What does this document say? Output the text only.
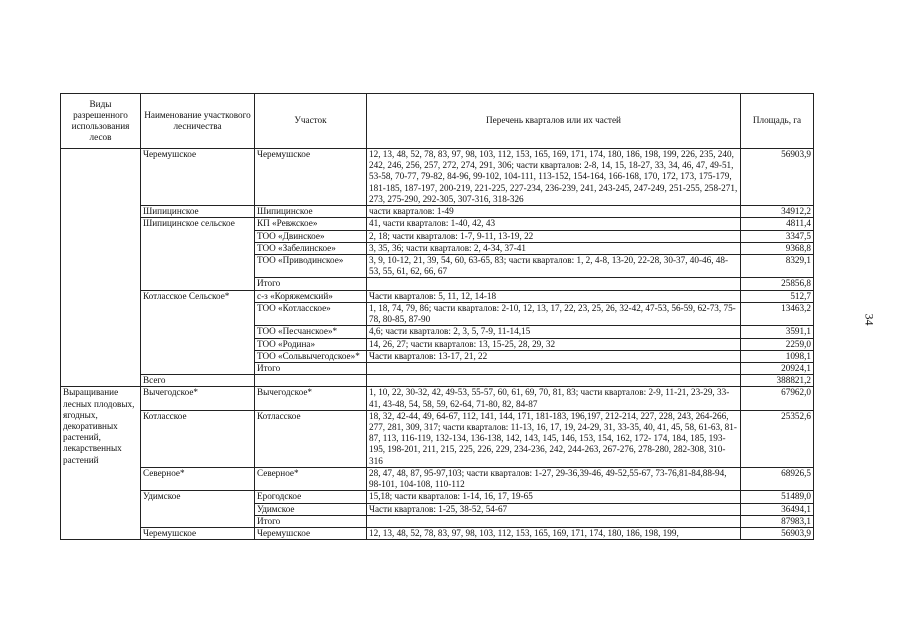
Виды разрешенного использования лесов	Наименование участкового лесничества	Участок	Перечень кварталов или их частей	Площадь, га
	Черемушское	Черемушское	12, 13, 48, 52, 78, 83, 97, 98, 103, 112, 153, 165, 169, 171, 174, 180, 186, 198, 199, 226, 235, 240, 242, 246, 256, 257, 272, 274, 291, 306; части кварталов: 2-8, 14, 15, 18-27, 33, 34, 46, 47, 49-51, 53-58, 70-77, 79-82, 84-96, 99-102, 104-111, 113-152, 154-164, 166-168, 170, 172, 173, 175-179, 181-185, 187-197, 200-219, 221-225, 227-234, 236-239, 241, 243-245, 247-249, 251-255, 258-271, 273, 275-290, 292-305, 307-316, 318-326	56903,9
	Шипицинское	Шипицинское	части кварталов: 1-49	34912,2
	Шипицинское сельское	КП «Ревжское»	41, части кварталов: 1-40, 42, 43	4811,4
		ТОО «Двинское»	2, 18; части кварталов: 1-7, 9-11, 13-19, 22	3347,5
		ТОО «Забелинское»	3, 35, 36; части кварталов: 2, 4-34, 37-41	9368,8
		ТОО «Приводинское»	3, 9, 10-12, 21, 39, 54, 60, 63-65, 83; части кварталов: 1, 2, 4-8, 13-20, 22-28, 30-37, 40-46, 48-53, 55, 61, 62, 66, 67	8329,1
		Итого		25856,8
	Котласское Сельское*	с-з «Коряжемский»	Части кварталов: 5, 11, 12, 14-18	512,7
		ТОО «Котласское»	1, 18, 74, 79, 86; части кварталов: 2-10, 12, 13, 17, 22, 23, 25, 26, 32-42, 47-53, 56-59, 62-73, 75-78, 80-85, 87-90	13463,2
		ТОО «Песчанское»*	4,6; части кварталов: 2, 3, 5, 7-9, 11-14,15	3591,1
		ТОО «Родина»	14, 26, 27; части кварталов: 13, 15-25, 28, 29, 32	2259,0
		ТОО «Сольвычегодское»*	Части кварталов: 13-17, 21, 22	1098,1
		Итого		20924,1
	Всего			388821,2
Выращивание лесных плодовых, ягодных, декоративных растений, лекарственных растений	Вычегодское*	Вычегодское*	1, 10, 22, 30-32, 42, 49-53, 55-57, 60, 61, 69, 70, 81, 83; части кварталов: 2-9, 11-21, 23-29, 33-41, 43-48, 54, 58, 59, 62-64, 71-80, 82, 84-87	67962,0
	Котласское	Котласское	18, 32, 42-44, 49, 64-67, 112, 141, 144, 171, 181-183, 196,197, 212-214, 227, 228, 243, 264-266, 277, 281, 309, 317; части кварталов: 11-13, 16, 17, 19, 24-29, 31, 33-35, 40, 41, 45, 58, 61-63, 81-87, 113, 116-119, 132-134, 136-138, 142, 143, 145, 146, 153, 154, 162, 172- 174, 184, 185, 193-195, 198-201, 211, 215, 225, 226, 229, 234-236, 242, 244-263, 267-276, 278-280, 282-308, 310-316	25352,6
	Северное*	Северное*	28, 47, 48, 87, 95-97,103; части кварталов: 1-27, 29-36,39-46, 49-52,55-67, 73-76,81-84,88-94, 98-101, 104-108, 110-112	68926,5
	Удимское	Ерогодское	15,18; части кварталов: 1-14, 16, 17, 19-65	51489,0
		Удимское	Части кварталов: 1-25, 38-52, 54-67	36494,1
		Итого		87983,1
	Черемушское	Черемушское	12, 13, 48, 52, 78, 83, 97, 98, 103, 112, 153, 165, 169, 171, 174, 180, 186, 198, 199,	56903,9
34
